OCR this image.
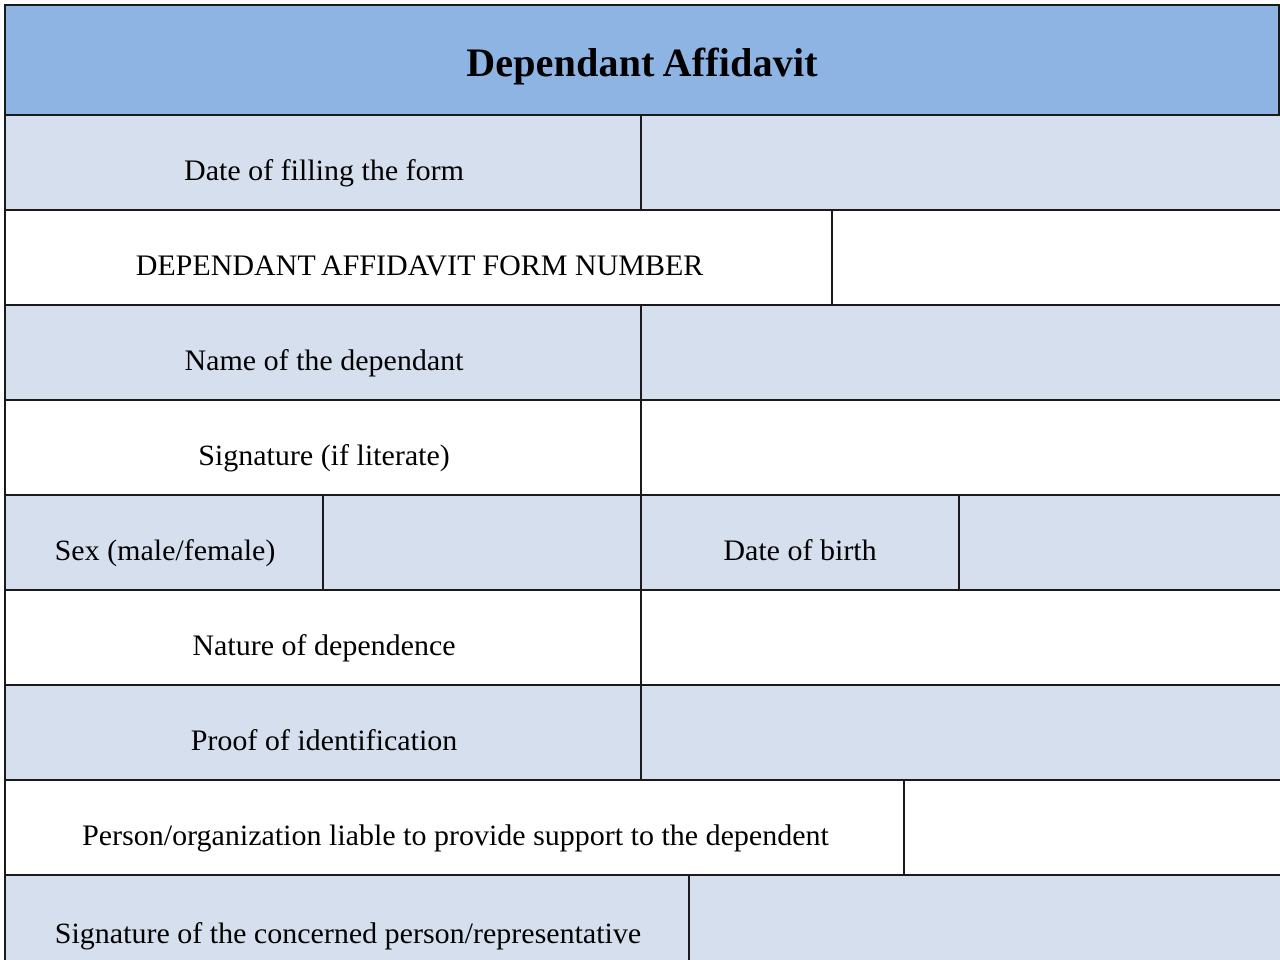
Dependant Affidavit
Date of filling the form
DEPENDANT AFFIDAVIT FORM NUMBER
Name of the dependant
Signature (if literate)
Sex (male/female)	Date of birth
Nature of dependence
Proof of identification
Person/organization liable to provide support to the dependent
Signature of the concerned person/representative
